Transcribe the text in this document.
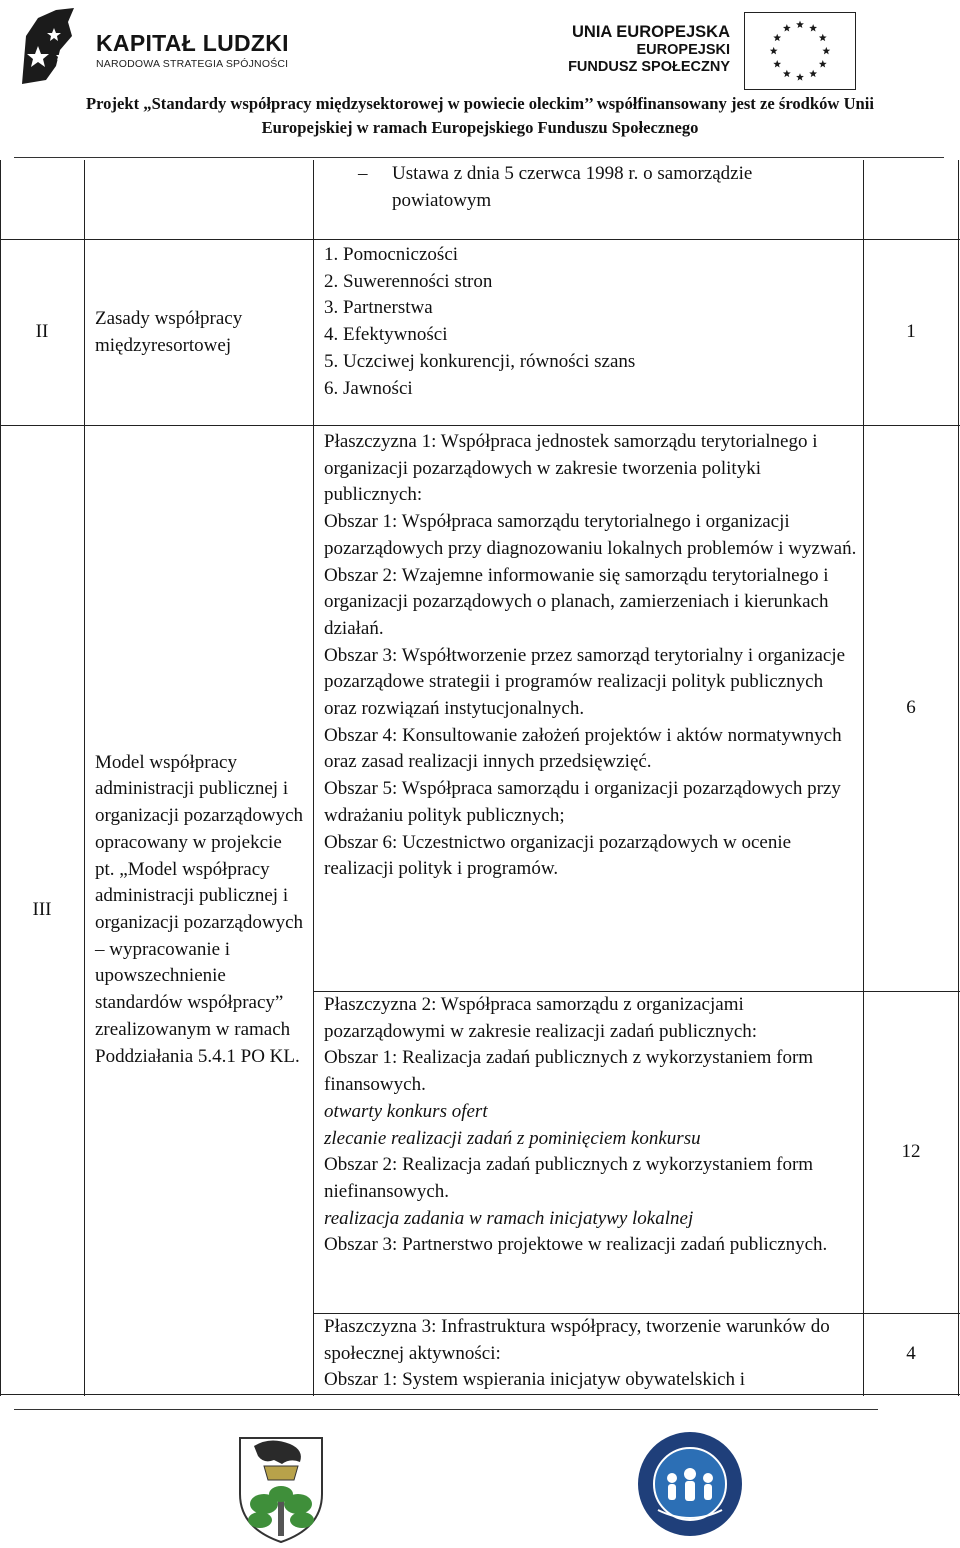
KAPITAŁ LUDZKI
NARODOWA STRATEGIA SPÓJNOŚCI
UNIA EUROPEJSKA
EUROPEJSKI
FUNDUSZ SPOŁECZNY
Projekt „Standardy współpracy międzysektorowej w powiecie oleckim’’ współfinansowany jest ze środków Unii
Europejskiej w ramach Europejskiego Funduszu Społecznego
– Ustawa z dnia 5 czerwca 1998 r. o samorządzie powiatowym
II
Zasady współpracy międzyresortowej
1. Pomocniczości
2. Suwerenności stron
3. Partnerstwa
4. Efektywności
5. Uczciwej konkurencji, równości szans
6. Jawności
1
III
Model współpracy administracji publicznej i organizacji pozarządowych opracowany w projekcie pt. „Model współpracy administracji publicznej i organizacji pozarządowych – wypracowanie i upowszechnienie standardów współpracy” zrealizowanym w ramach Poddziałania 5.4.1 PO KL.
Płaszczyzna 1: Współpraca jednostek samorządu terytorialnego i organizacji pozarządowych w zakresie tworzenia polityki publicznych:
Obszar 1: Współpraca samorządu terytorialnego i organizacji pozarządowych przy diagnozowaniu lokalnych problemów i wyzwań.
Obszar 2: Wzajemne informowanie się samorządu terytorialnego i organizacji pozarządowych o planach, zamierzeniach i kierunkach działań.
Obszar 3: Współtworzenie przez samorząd terytorialny i organizacje pozarządowe strategii i programów realizacji polityk publicznych oraz rozwiązań instytucjonalnych.
Obszar 4: Konsultowanie założeń projektów i aktów normatywnych oraz zasad realizacji innych przedsięwzięć.
Obszar 5: Współpraca samorządu i organizacji pozarządowych przy wdrażaniu polityk publicznych;
Obszar 6: Uczestnictwo organizacji pozarządowych w ocenie realizacji polityk i programów.
6
Płaszczyzna 2: Współpraca samorządu z organizacjami pozarządowymi w zakresie realizacji zadań publicznych:
Obszar 1: Realizacja zadań publicznych z wykorzystaniem form finansowych.
otwarty konkurs ofert
zlecanie realizacji zadań z pominięciem konkursu
Obszar 2: Realizacja zadań publicznych z wykorzystaniem form niefinansowych.
realizacja zadania w ramach inicjatywy lokalnej
Obszar 3: Partnerstwo projektowe w realizacji zadań publicznych.
12
Płaszczyzna 3: Infrastruktura współpracy, tworzenie warunków do społecznej aktywności:
Obszar 1: System wspierania inicjatyw obywatelskich i
4
